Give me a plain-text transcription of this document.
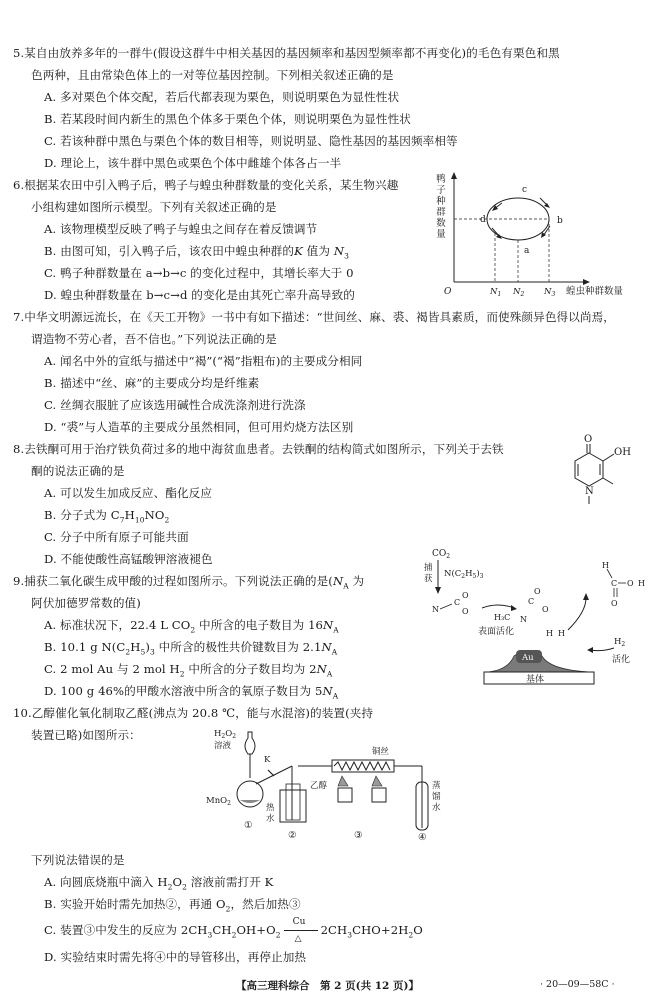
5.某自由放养多年的一群牛(假设这群牛中相关基因的基因频率和基因型频率都不再变化)的毛色有栗色和黑
色两种，且由常染色体上的一对等位基因控制。下列相关叙述正确的是
A. 多对栗色个体交配，若后代都表现为栗色，则说明栗色为显性性状
B. 若某段时间内新生的黑色个体多于栗色个体，则说明栗色为显性性状
C. 若该种群中黑色与栗色个体的数目相等，则说明显、隐性基因的基因频率相等
D. 理论上，该牛群中黑色或栗色个体中雌雄个体各占一半
6.根据某农田中引入鸭子后，鸭子与蝗虫种群数量的变化关系，某生物兴趣
小组构建如图所示模型。下列有关叙述正确的是
A. 该物理模型反映了鸭子与蝗虫之间存在着反馈调节
B. 由图可知，引入鸭子后，该农田中蝗虫种群的K 值为 $N_3$
C. 鸭子种群数量在 a→b→c 的变化过程中，其增长率大于 0
D. 蝗虫种群数量在 b→c→d 的变化是由其死亡率升高导致的
鸭
子
种
群
数
量
O
c
b
a
d
$N_1$ $N_2$ $N_3$ 蝗虫种群数量
7.中华文明源远流长，在《天工开物》一书中有如下描述：“世间丝、麻、裘、褐皆具素质，而使殊颜异色得以尚焉，
谓造物不劳心者，吾不信也。”下列说法正确的是
A. 闻名中外的宣纸与描述中“褐”(“褐”指粗布)的主要成分相同
B. 描述中“丝、麻”的主要成分均是纤维素
C. 丝绸衣服脏了应该选用碱性合成洗涤剂进行洗涤
D. “裘”与人造革的主要成分虽然相同，但可用灼烧方法区别
8.去铁酮可用于治疗铁负荷过多的地中海贫血患者。去铁酮的结构简式如图所示，下列关于去铁
酮的说法正确的是
A. 可以发生加成反应、酯化反应
B. 分子式为 $C_7H_{10}NO_2$
C. 分子中所有原子可能共面
D. 不能使酸性高锰酸钾溶液褪色
O
OH
N
9.捕获二氧化碳生成甲酸的过程如图所示。下列说法正确的是($N_A$ 为
阿伏加德罗常数的值)
A. 标准状况下，22.4 L $CO_2$ 中所含的电子数目为 $16N_A$
B. 10.1 g $N(C_2H_5)_3$ 中所含的极性共价键数目为 $2.1N_A$
C. 2 mol Au 与 2 mol $H_2$ 中所含的分子数目均为 $2N_A$
D. 100 g 46%的甲酸水溶液中所含的氧原子数目为 $5N_A$
$CO_2$
捕
获 $N(C_2H_5)_3$
N
C
O
O
表面活化
H₃C N
C
O
O
H H
H
C O
O
H
$H_2$
活化
Au
基体
10.乙醇催化氧化制取乙醛(沸点为 20.8 ℃，能与水混溶)的装置(夹持
装置已略)如图所示：	$H_2O_2$
溶液
MnO$_2$
K
乙醇
热
水
铜丝
蒸
馏
水
①
②	③	④
下列说法错误的是
A. 向圆底烧瓶中滴入 $H_2O_2$ 溶液前需打开 K
B. 实验开始时需先加热②，再通 $O_2$，然后加热③
C. 装置③中发生的反应为 $2CH_3CH_2OH+O_2$
Cu
△
$2CH_3CHO+2H_2O$
D. 实验结束时需先将④中的导管移出，再停止加热
【高三理科综合　第 2 页(共 12 页)】	· 20—09—58C ·
